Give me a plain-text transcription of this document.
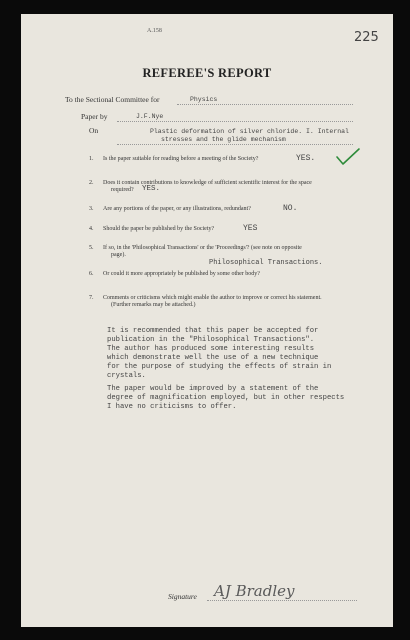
A.158	225
REFEREE'S REPORT
To the Sectional Committee for	Physics
Paper by	J.F.Nye
On	Plastic deformation of silver chloride. I. Internal
stresses and the glide mechanism
1. Is the paper suitable for reading before a meeting of the Society?	YES.
2. Does it contain contributions to knowledge of sufficient scientific interest for the space
required? YES.
3. Are any portions of the paper, or any illustrations, redundant?	NO.
4. Should the paper be published by the Society?	YES
5. If so, in the 'Philosophical Transactions' or the 'Proceedings'? (see note on opposite
page).
Philosophical Transactions.
6. Or could it more appropriately be published by some other body?
7. Comments or criticisms which might enable the author to improve or correct his statement.
(Further remarks may be attached.)
It is recommended that this paper be accepted for
publication in the "Philosophical Transactions".
The author has produced some interesting results
which demonstrate well the use of a new technique
for the purpose of studying the effects of strain in
crystals.
The paper would be improved by a statement of the
degree of magnification employed, but in other respects
I have no criticisms to offer.
Signature AJ Bradley
